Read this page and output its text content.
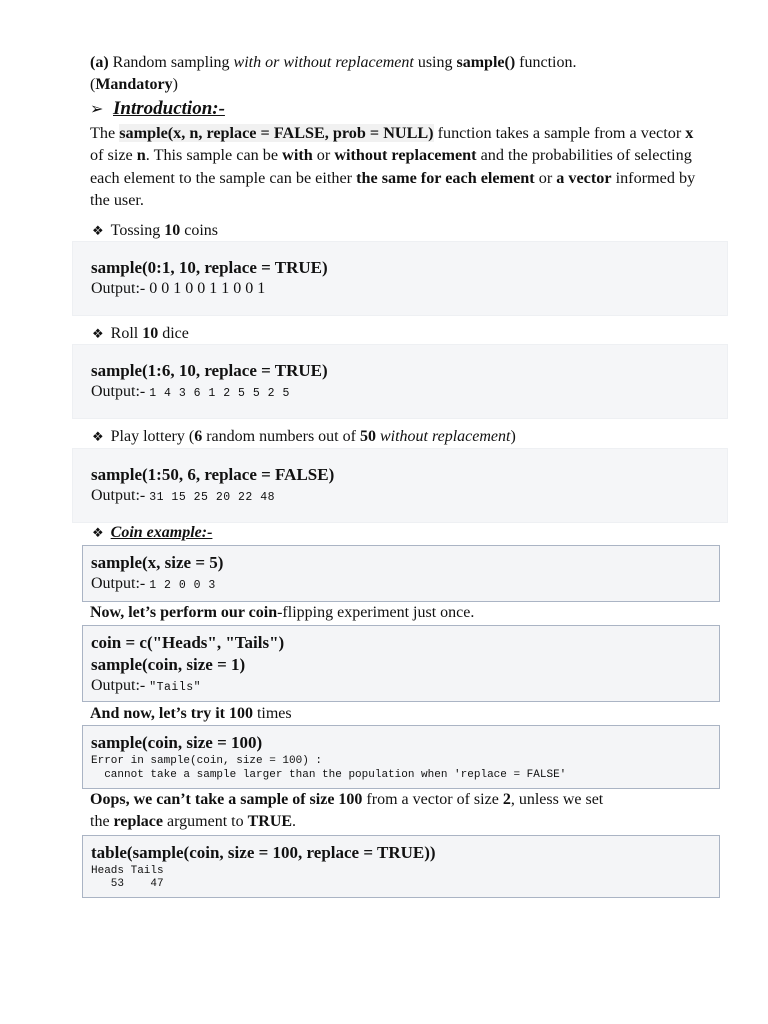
(a) Random sampling with or without replacement using sample() function.
(Mandatory)
➢ Introduction:-
The sample(x, n, replace = FALSE, prob = NULL) function takes a sample from a vector x of size n. This sample can be with or without replacement and the probabilities of selecting each element to the sample can be either the same for each element or a vector informed by the user.
❖ Tossing 10 coins
sample(0:1, 10, replace = TRUE)
Output:- 0 0 1 0 0 1 1 0 0 1
❖ Roll 10 dice
sample(1:6, 10, replace = TRUE)
Output:- 1 4 3 6 1 2 5 5 2 5
❖ Play lottery (6 random numbers out of 50 without replacement)
sample(1:50, 6, replace = FALSE)
Output:- 31 15 25 20 22 48
❖ Coin example:-
sample(x, size = 5)
Output:- 1 2 0 0 3
Now, let’s perform our coin-flipping experiment just once.
coin = c("Heads", "Tails")
sample(coin, size = 1)
Output:- "Tails"
And now, let’s try it 100 times
sample(coin, size = 100)
Error in sample(coin, size = 100) :
cannot take a sample larger than the population when 'replace = FALSE'
Oops, we can’t take a sample of size 100 from a vector of size 2, unless we set
the replace argument to TRUE.
table(sample(coin, size = 100, replace = TRUE))
Heads Tails
53    47
